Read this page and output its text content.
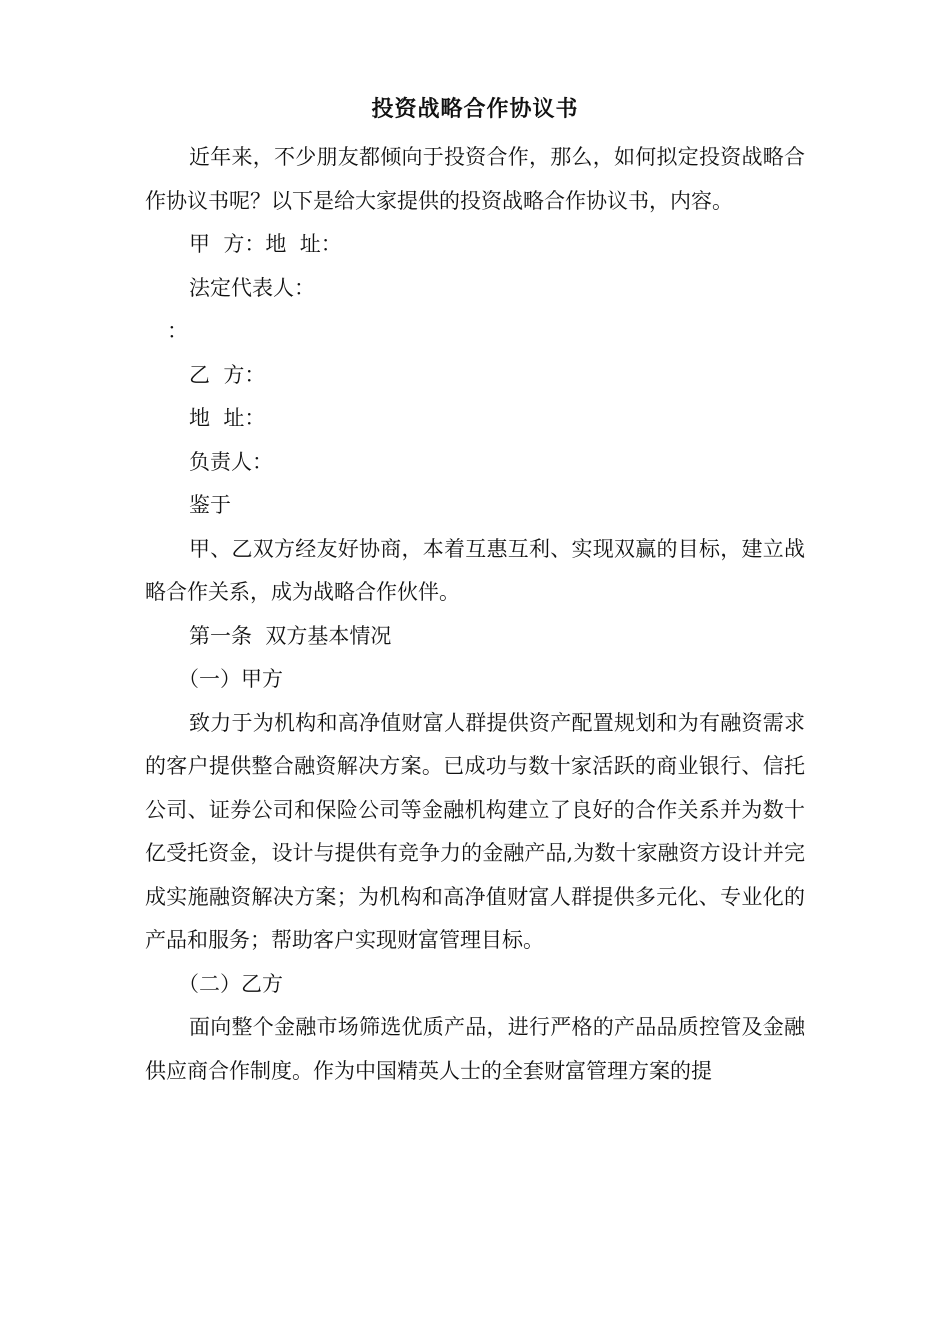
投资战略合作协议书

近年来，不少朋友都倾向于投资合作，那么，如何拟定投资战略合作协议书呢？以下是给大家提供的投资战略合作协议书，内容。

甲  方：地  址：

法定代表人：

：

乙  方：

地  址：

负责人：

鉴于

甲、乙双方经友好协商，本着互惠互利、实现双赢的目标，建立战略合作关系，成为战略合作伙伴。

第一条  双方基本情况

（一）甲方

致力于为机构和高净值财富人群提供资产配置规划和为有融资需求的客户提供整合融资解决方案。已成功与数十家活跃的商业银行、信托公司、证券公司和保险公司等金融机构建立了良好的合作关系并为数十亿受托资金，设计与提供有竞争力的金融产品,为数十家融资方设计并完成实施融资解决方案；为机构和高净值财富人群提供多元化、专业化的产品和服务；帮助客户实现财富管理目标。

（二）乙方

面向整个金融市场筛选优质产品，进行严格的产品品质控管及金融供应商合作制度。作为中国精英人士的全套财富管理方案的提
